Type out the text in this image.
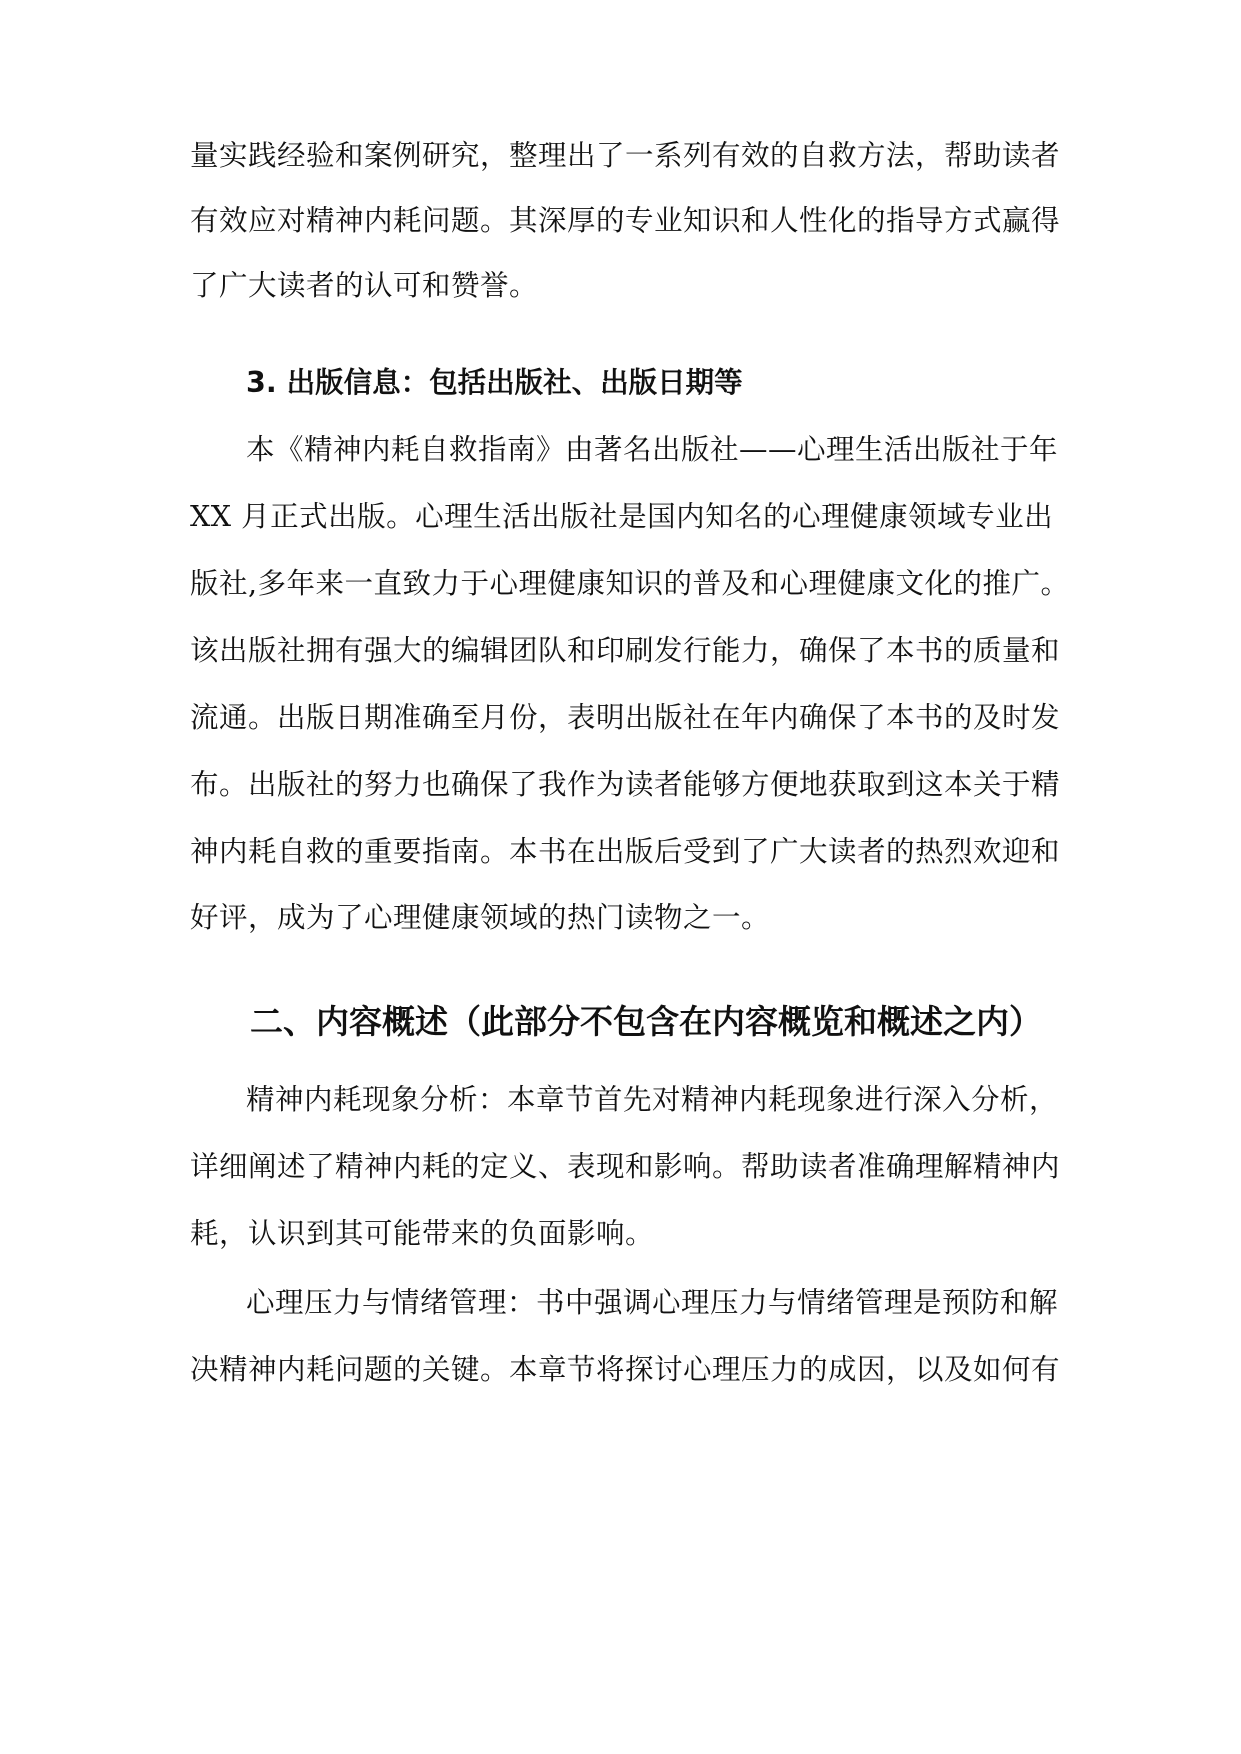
量实践经验和案例研究，整理出了一系列有效的自救方法，帮助读者
有效应对精神内耗问题。其深厚的专业知识和人性化的指导方式赢得
了广大读者的认可和赞誉。
3. 出版信息：包括出版社、出版日期等
本《精神内耗自救指南》由著名出版社——心理生活出版社于年
XX 月正式出版。心理生活出版社是国内知名的心理健康领域专业出
版社,多年来一直致力于心理健康知识的普及和心理健康文化的推广。
该出版社拥有强大的编辑团队和印刷发行能力，确保了本书的质量和
流通。出版日期准确至月份，表明出版社在年内确保了本书的及时发
布。出版社的努力也确保了我作为读者能够方便地获取到这本关于精
神内耗自救的重要指南。本书在出版后受到了广大读者的热烈欢迎和
好评，成为了心理健康领域的热门读物之一。
二、内容概述（此部分不包含在内容概览和概述之内）
精神内耗现象分析：本章节首先对精神内耗现象进行深入分析，
详细阐述了精神内耗的定义、表现和影响。帮助读者准确理解精神内
耗，认识到其可能带来的负面影响。
心理压力与情绪管理：书中强调心理压力与情绪管理是预防和解
决精神内耗问题的关键。本章节将探讨心理压力的成因，以及如何有
